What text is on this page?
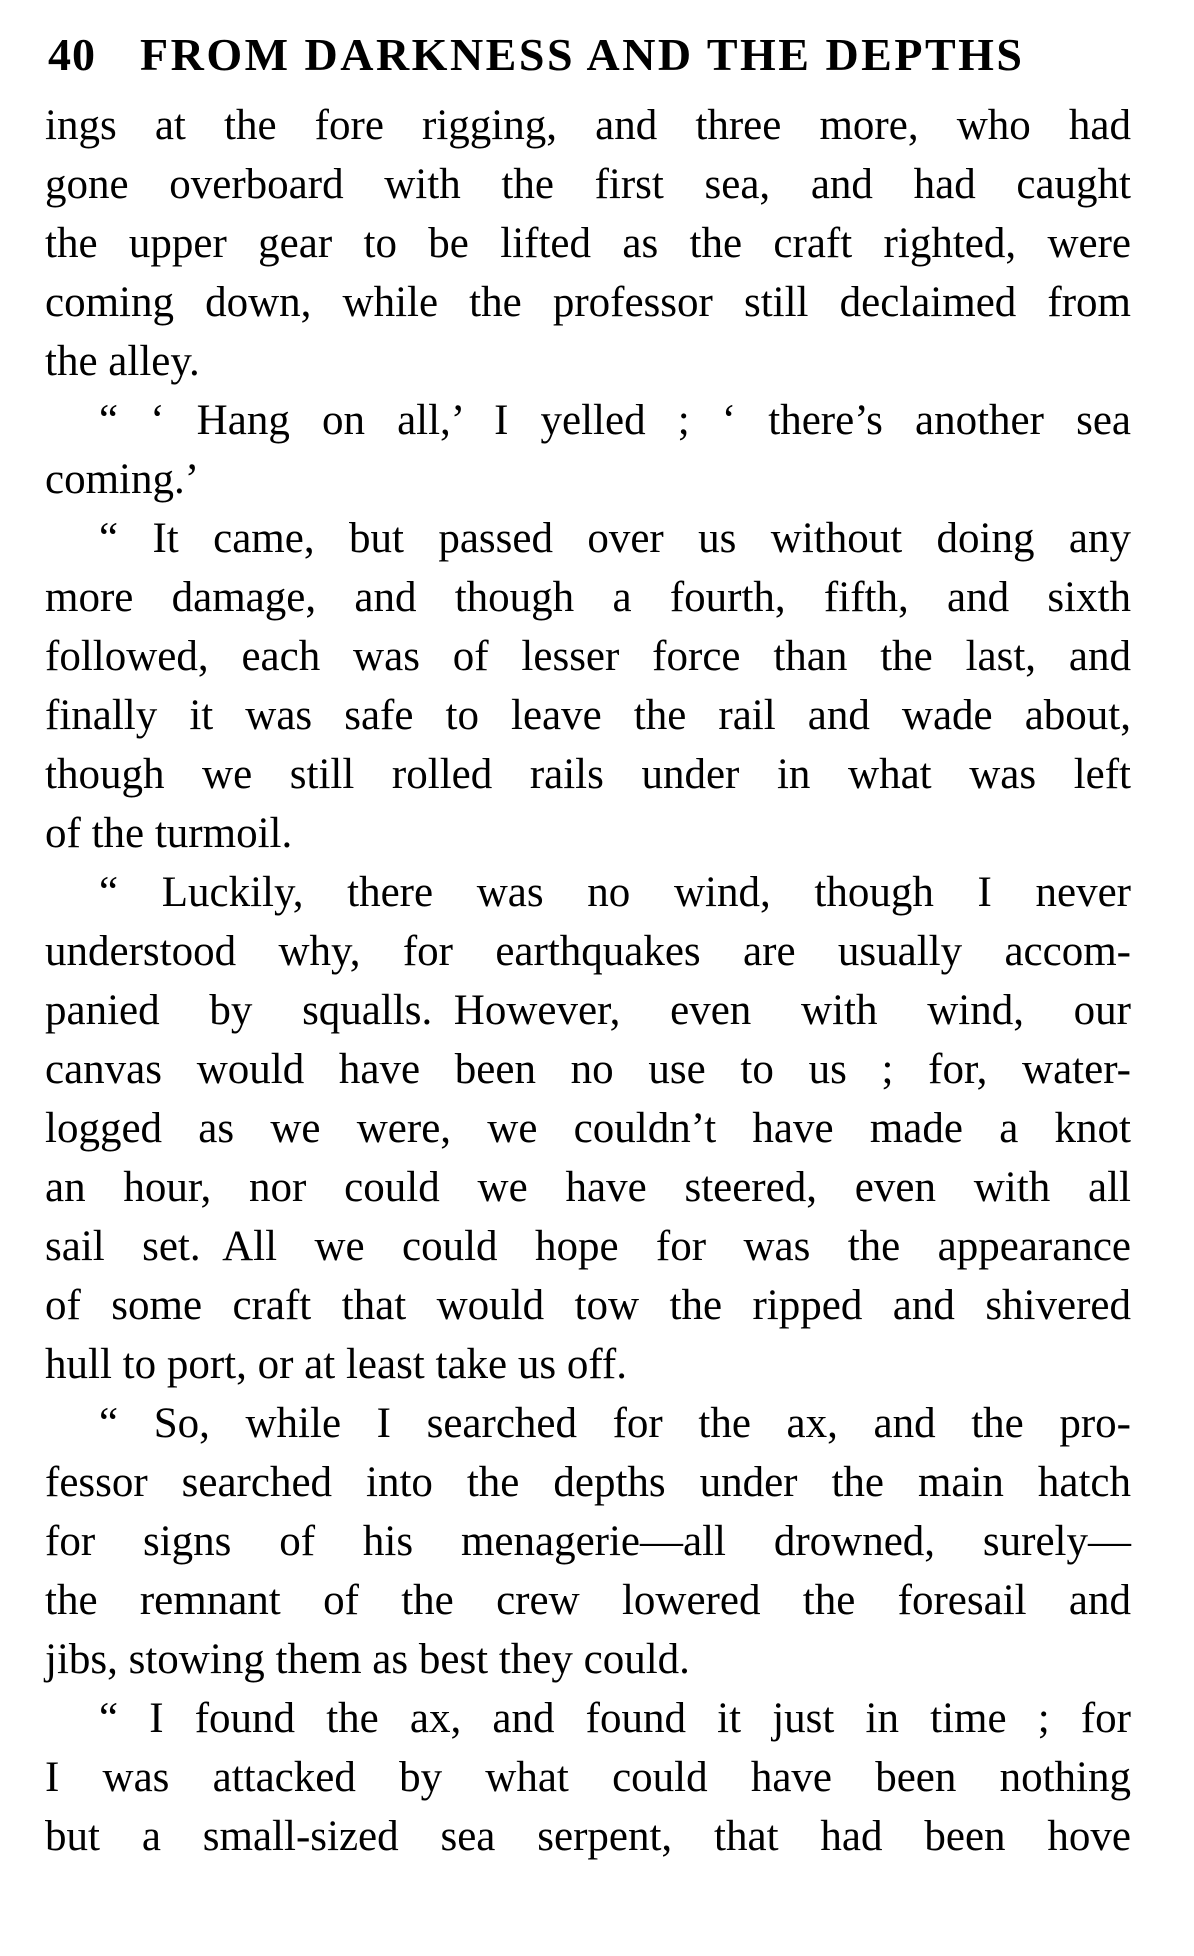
40 FROM DARKNESS AND THE DEPTHS
ings at the fore rigging, and three more, who had
gone overboard with the first sea, and had caught
the upper gear to be lifted as the craft righted, were
coming down, while the professor still declaimed from
the alley.
“ ‘ Hang on all,’ I yelled ; ‘ there’s another sea
coming.’
“ It came, but passed over us without doing any
more damage, and though a fourth, fifth, and sixth
followed, each was of lesser force than the last, and
finally it was safe to leave the rail and wade about,
though we still rolled rails under in what was left
of the turmoil.
“ Luckily, there was no wind, though I never
understood why, for earthquakes are usually accom-
panied by squalls. However, even with wind, our
canvas would have been no use to us ; for, water-
logged as we were, we couldn’t have made a knot
an hour, nor could we have steered, even with all
sail set. All we could hope for was the appearance
of some craft that would tow the ripped and shivered
hull to port, or at least take us off.
“ So, while I searched for the ax, and the pro-
fessor searched into the depths under the main hatch
for signs of his menagerie—all drowned, surely—
the remnant of the crew lowered the foresail and
jibs, stowing them as best they could.
“ I found the ax, and found it just in time ; for
I was attacked by what could have been nothing
but a small-sized sea serpent, that had been hove
